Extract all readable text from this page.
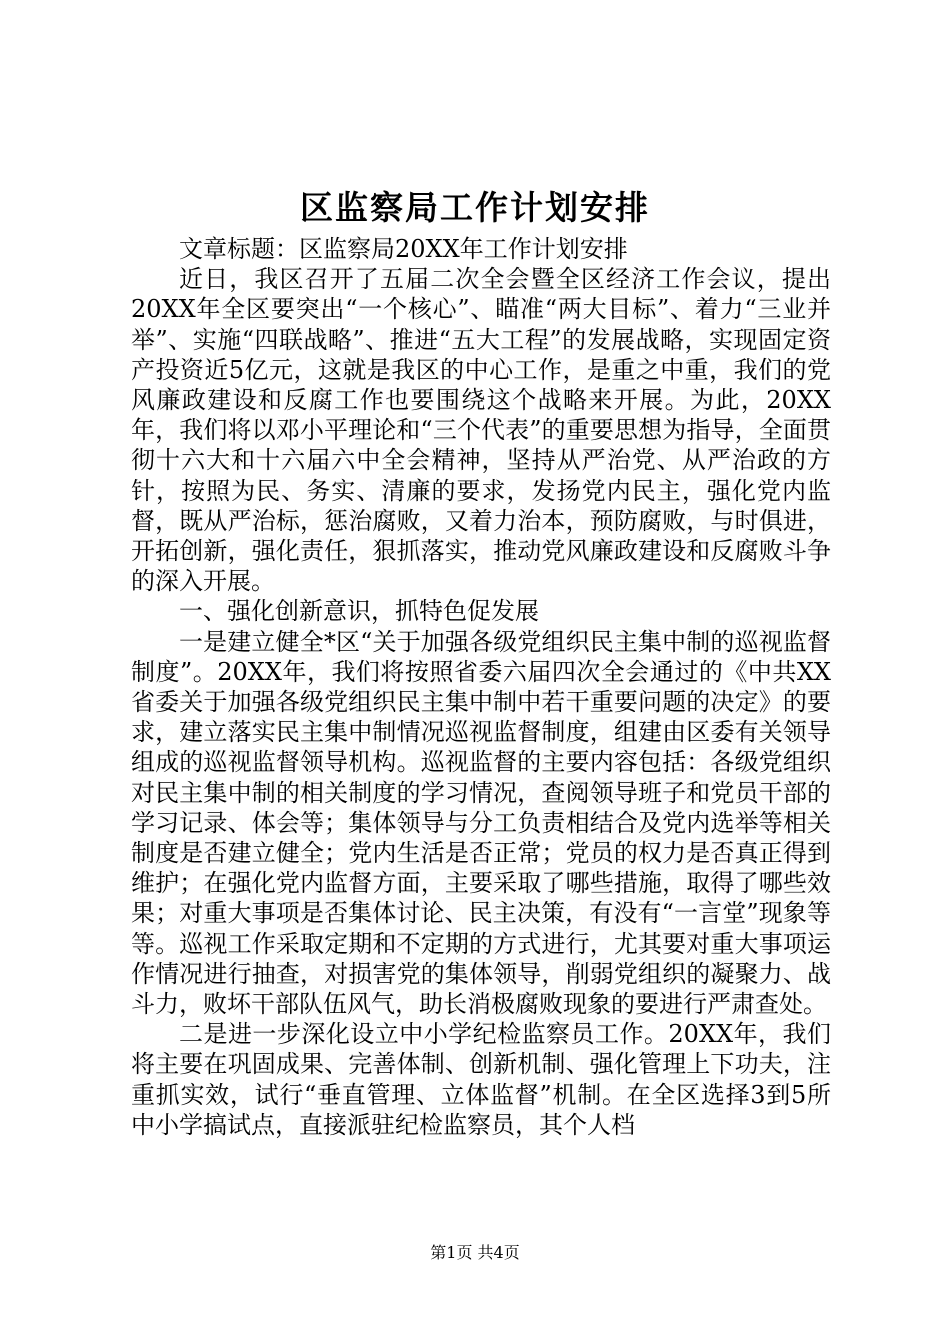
区监察局工作计划安排

文章标题：区监察局20XX年工作计划安排

近日，我区召开了五届二次全会暨全区经济工作会议，提出20XX年全区要突出“一个核心”、瞄准“两大目标”、着力“三业并举”、实施“四联战略”、推进“五大工程”的发展战略，实现固定资产投资近5亿元，这就是我区的中心工作，是重之中重，我们的党风廉政建设和反腐工作也要围绕这个战略来开展。为此，20XX年，我们将以邓小平理论和“三个代表”的重要思想为指导，全面贯彻十六大和十六届六中全会精神，坚持从严治党、从严治政的方针，按照为民、务实、清廉的要求，发扬党内民主，强化党内监督，既从严治标，惩治腐败，又着力治本，预防腐败，与时俱进，开拓创新，强化责任，狠抓落实，推动党风廉政建设和反腐败斗争的深入开展。

一、强化创新意识，抓特色促发展

一是建立健全*区“关于加强各级党组织民主集中制的巡视监督制度”。20XX年，我们将按照省委六届四次全会通过的《中共XX省委关于加强各级党组织民主集中制中若干重要问题的决定》的要求，建立落实民主集中制情况巡视监督制度，组建由区委有关领导组成的巡视监督领导机构。巡视监督的主要内容包括：各级党组织对民主集中制的相关制度的学习情况，查阅领导班子和党员干部的学习记录、体会等；集体领导与分工负责相结合及党内选举等相关制度是否建立健全；党内生活是否正常；党员的权力是否真正得到维护；在强化党内监督方面，主要采取了哪些措施，取得了哪些效果；对重大事项是否集体讨论、民主决策，有没有“一言堂”现象等等。巡视工作采取定期和不定期的方式进行，尤其要对重大事项运作情况进行抽查，对损害党的集体领导，削弱党组织的凝聚力、战斗力，败坏干部队伍风气，助长消极腐败现象的要进行严肃查处。

二是进一步深化设立中小学纪检监察员工作。20XX年，我们将主要在巩固成果、完善体制、创新机制、强化管理上下功夫，注重抓实效，试行“垂直管理、立体监督”机制。在全区选择3到5所中小学搞试点，直接派驻纪检监察员，其个人档

第1页 共4页
